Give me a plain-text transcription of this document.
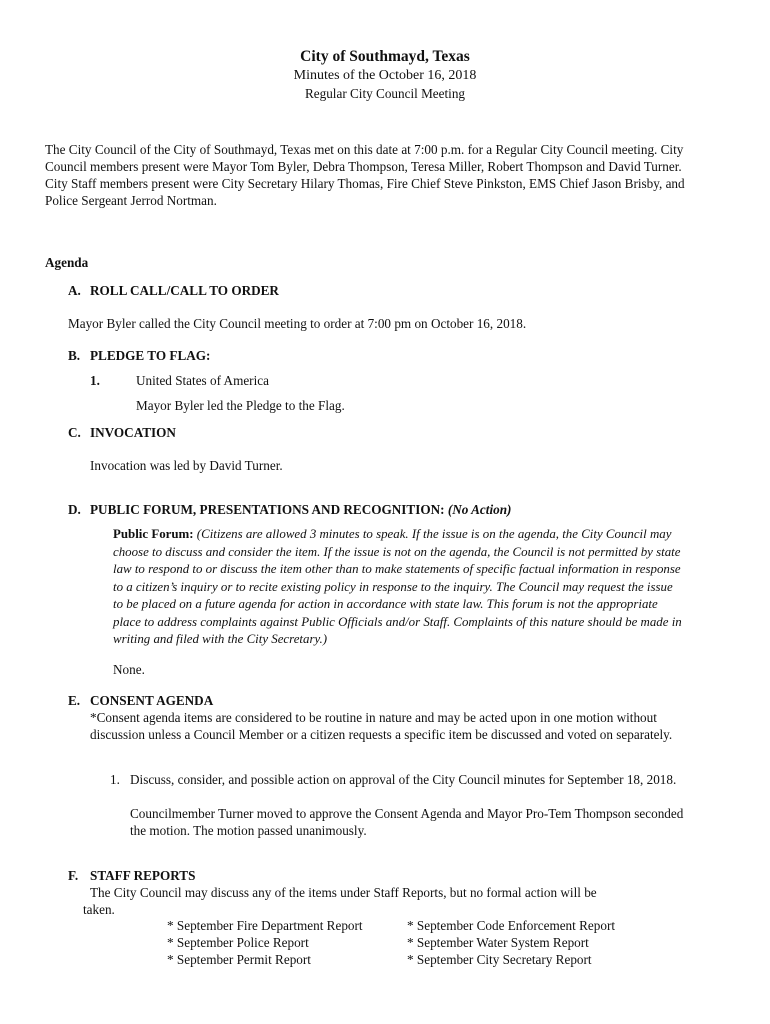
City of Southmayd, Texas
Minutes of the October 16, 2018
Regular City Council Meeting
The City Council of the City of Southmayd, Texas met on this date at 7:00 p.m. for a Regular City Council meeting. City
Council members present were Mayor Tom Byler, Debra Thompson, Teresa Miller, Robert Thompson and David Turner.
City Staff members present were City Secretary Hilary Thomas, Fire Chief Steve Pinkston, EMS Chief Jason Brisby, and
Police Sergeant Jerrod Nortman.
Agenda
A. ROLL CALL/CALL TO ORDER
Mayor Byler called the City Council meeting to order at 7:00 pm on October 16, 2018.
B. PLEDGE TO FLAG:
1.	United States of America
Mayor Byler led the Pledge to the Flag.
C. INVOCATION
Invocation was led by David Turner.
D. PUBLIC FORUM, PRESENTATIONS AND RECOGNITION: (No Action)
Public Forum: (Citizens are allowed 3 minutes to speak. If the issue is on the agenda, the City Council may
choose to discuss and consider the item. If the issue is not on the agenda, the Council is not permitted by state
law to respond to or discuss the item other than to make statements of specific factual information in response
to a citizen’s inquiry or to recite existing policy in response to the inquiry. The Council may request the issue
to be placed on a future agenda for action in accordance with state law. This forum is not the appropriate
place to address complaints against Public Officials and/or Staff. Complaints of this nature should be made in
writing and filed with the City Secretary.)
None.
E. CONSENT AGENDA
*Consent agenda items are considered to be routine in nature and may be acted upon in one motion without
discussion unless a Council Member or a citizen requests a specific item be discussed and voted on separately.
1. Discuss, consider, and possible action on approval of the City Council minutes for September 18, 2018.
Councilmember Turner moved to approve the Consent Agenda and Mayor Pro-Tem Thompson seconded
the motion. The motion passed unanimously.
F. STAFF REPORTS
The City Council may discuss any of the items under Staff Reports, but no formal action will be
taken.
* September Fire Department Report
* September Police Report
* September Permit Report
* September Code Enforcement Report
* September Water System Report
* September City Secretary Report
